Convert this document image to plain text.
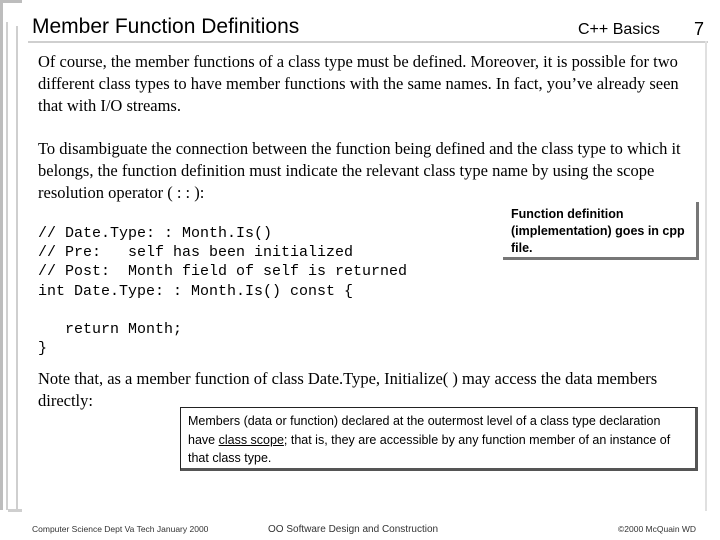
Member Function Definitions	C++ Basics 7

Of course, the member functions of a class type must be defined. Moreover, it is possible for two different class types to have member functions with the same names. In fact, you’ve already seen that with I/O streams.

To disambiguate the connection between the function being defined and the class type to which it belongs, the function definition must indicate the relevant class type name by using the scope resolution operator ( : : ):

// Date.Type: : Month.Is()
// Pre:   self has been initialized
// Post:  Month field of self is returned
int Date.Type: : Month.Is() const {

return Month;
}
Function definition (implementation) goes in cpp file.

Note that, as a member function of class Date.Type, Initialize( ) may access the data members directly:

Members (data or function) declared at the outermost level of a class type declaration have class scope; that is, they are accessible by any function member of an instance of that class type.
Computer Science Dept Va Tech January 2000	OO Software Design and Construction	©2000 McQuain WD
